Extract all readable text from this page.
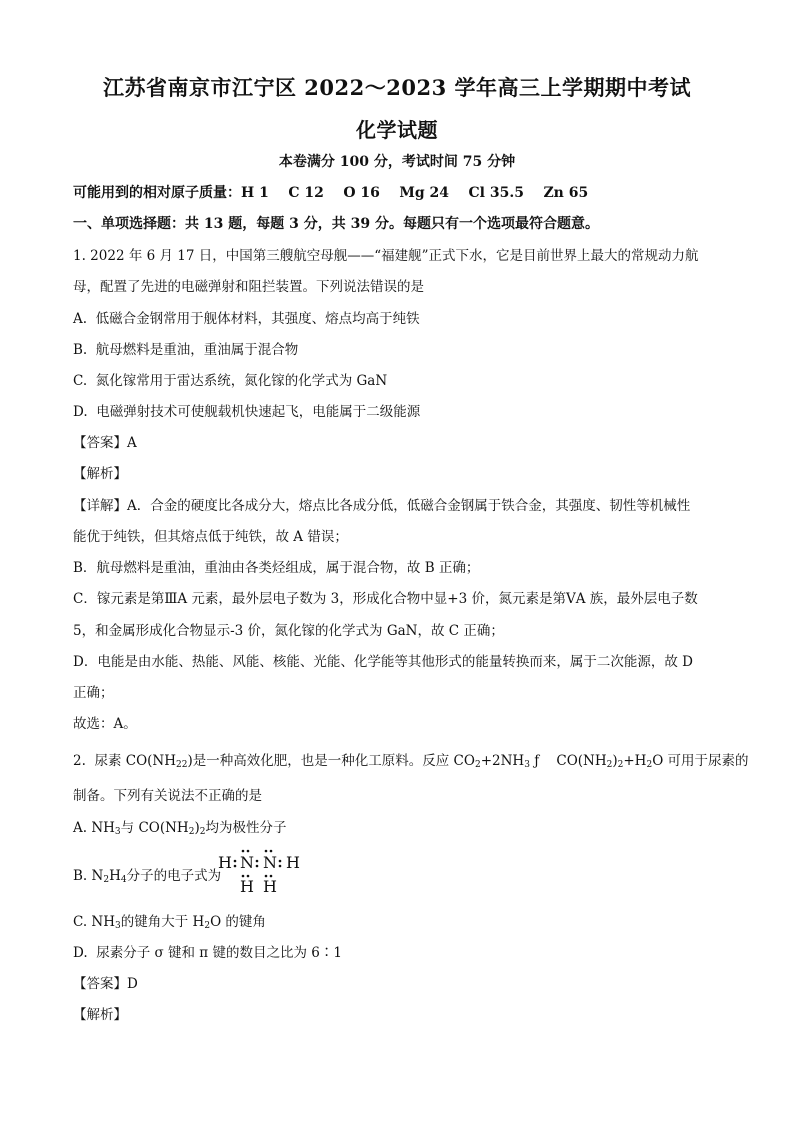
江苏省南京市江宁区 2022～2023 学年高三上学期期中考试
化学试题
本卷满分 100 分，考试时间 75 分钟
可能用到的相对原子质量：H 1    C 12    O 16    Mg 24    Cl 35.5    Zn 65
一、单项选择题：共 13 题，每题 3 分，共 39 分。每题只有一个选项最符合题意。
1. 2022 年 6 月 17 日，中国第三艘航空母舰——“福建舰”正式下水，它是目前世界上最大的常规动力航
母，配置了先进的电磁弹射和阻拦装置。下列说法错误的是
A.  低磁合金钢常用于舰体材料，其强度、熔点均高于纯铁
B.  航母燃料是重油，重油属于混合物
C.  氮化镓常用于雷达系统，氮化镓的化学式为 GaN
D.  电磁弹射技术可使舰载机快速起飞，电能属于二级能源
【答案】A
【解析】
【详解】A．合金的硬度比各成分大，熔点比各成分低，低磁合金钢属于铁合金，其强度、韧性等机械性
能优于纯铁，但其熔点低于纯铁，故 A 错误；
B．航母燃料是重油，重油由各类烃组成，属于混合物，故 B 正确；
C．镓元素是第ⅢA 元素，最外层电子数为 3，形成化合物中显+3 价，氮元素是第ⅤA 族，最外层电子数
5，和金属形成化合物显示-3 价，氮化镓的化学式为 GaN，故 C 正确；
D．电能是由水能、热能、风能、核能、光能、化学能等其他形式的能量转换而来，属于二次能源，故 D
正确；
故选：A。
2.  尿素 $CO(NH_{22})$是一种高效化肥，也是一种化工原料。反应 $CO_2+2NH_3$ ƒ    $CO(NH_2)_2+H_2O$ 可用于尿素的
制备。下列有关说法不正确的是
A. $NH_3$与 $CO(NH_2)_2$均为极性分子
B. $N_2H_4$分子的电子式为
H N N H
H H
C. $NH_3$的键角大于 $H_2O$ 的键角
D.  尿素分子 σ 键和 π 键的数目之比为 6∶1
【答案】D
【解析】
